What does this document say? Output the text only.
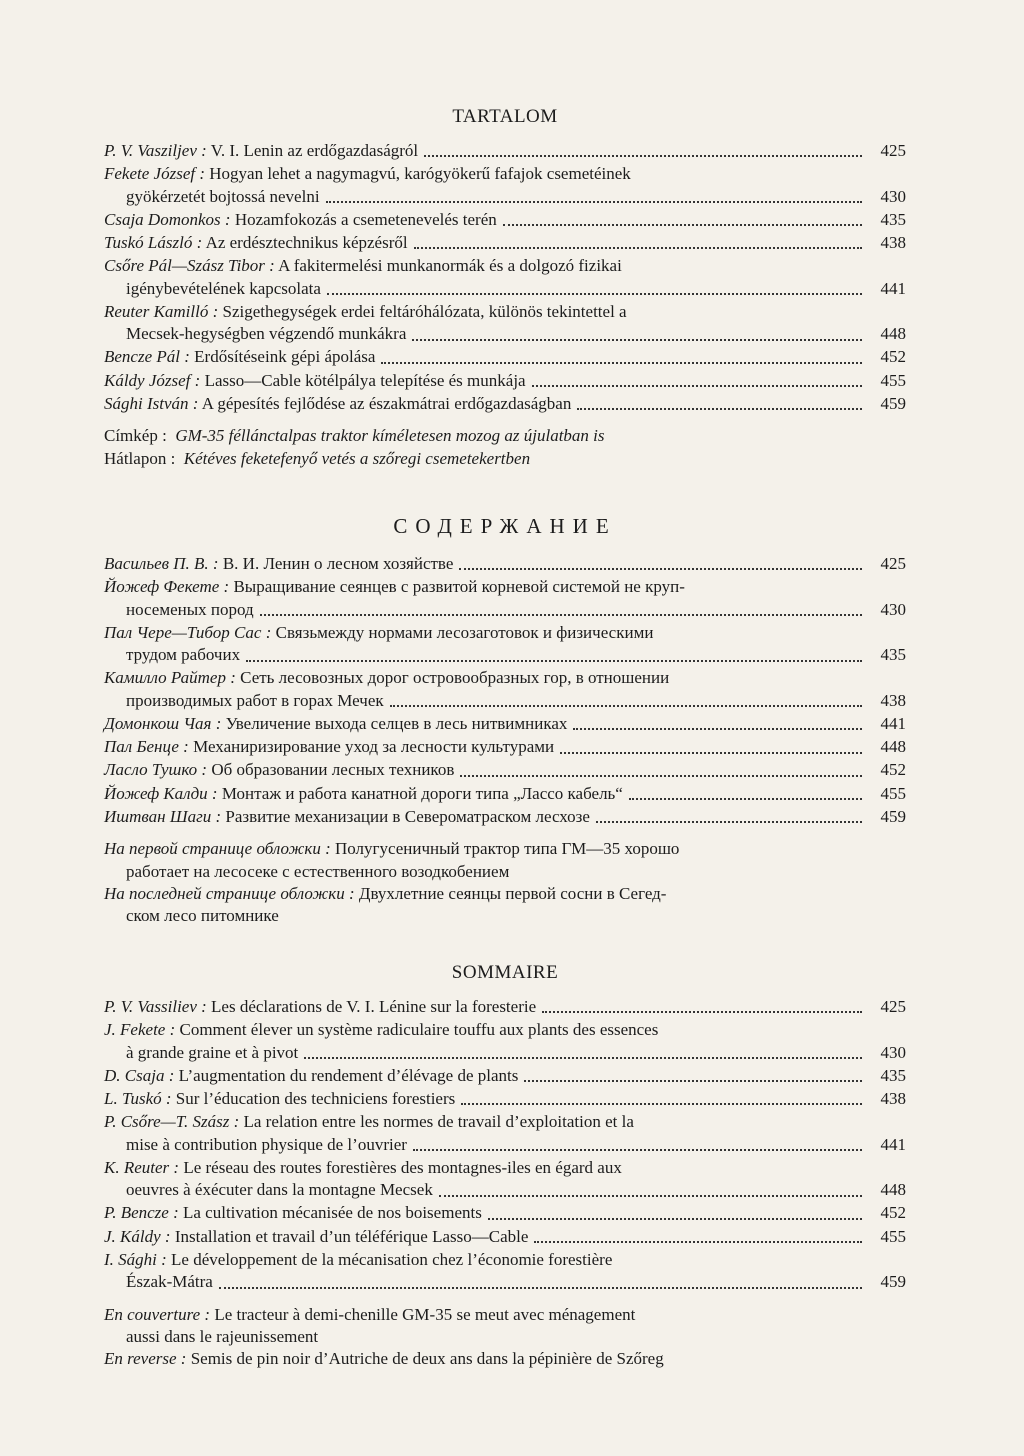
TARTALOM
P. V. Vasziljev : V. I. Lenin az erdőgazdaságról	425
Fekete József : Hogyan lehet a nagymagvú, karógyökerű fafajok csemetéinek
gyökérzetét bojtossá nevelni	430
Csaja Domonkos : Hozamfokozás a csemetenevelés terén	435
Tuskó László : Az erdésztechnikus képzésről	438
Csőre Pál—Szász Tibor : A fakitermelési munkanormák és a dolgozó fizikai
igénybevételének kapcsolata	441
Reuter Kamilló : Szigethegységek erdei feltáróhálózata, különös tekintettel a
Mecsek-hegységben végzendő munkákra	448
Bencze Pál : Erdősítéseink gépi ápolása	452
Káldy József : Lasso—Cable kötélpálya telepítése és munkája	455
Sághi István : A gépesítés fejlődése az északmátrai erdőgazdaságban	459
Címkép : GM-35 féllánctalpas traktor kíméletesen mozog az újulatban is
Hátlapon : Kétéves feketefenyő vetés a szőregi csemetekertben
СОДЕРЖАНИЕ
Васильев П. В. : В. И. Ленин о лесном хозяйстве	425
Йожеф Фекете : Выращивание сеянцев с развитой корневой системой не круп-
носеменых пород	430
Пал Чере—Тибор Сас : Связьмежду нормами лесозаготовок и физическими
трудом рабочих	435
Камилло Райтер : Сеть лесовозных дорог островообразных гор, в отношении
производимых работ в горах Мечек	438
Домонкош Чая : Увеличение выхода селцев в лесь нитвимниках	441
Пал Бенце : Механиризирование уход за лесности культурами	448
Ласло Тушко : Об образовании лесных техников	452
Йожеф Калди : Монтаж и работа канатной дороги типа „Лассо кабель“	455
Иштван Шаги : Развитие механизации в Североматраском лесхозе	459
На первой странице обложки : Полугусеничный трактор типа ГМ—35 хорошо
работает на лесосеке с естественного возодкобением
На последней странице обложки : Двухлетние сеянцы первой сосни в Сегед-
ском лесо питомнике
SOMMAIRE
P. V. Vassiliev : Les déclarations de V. I. Lénine sur la foresterie	425
J. Fekete : Comment élever un système radiculaire touffu aux plants des essences
à grande graine et à pivot	430
D. Csaja : L’augmentation du rendement d’élévage de plants	435
L. Tuskó : Sur l’éducation des techniciens forestiers	438
P. Csőre—T. Szász : La relation entre les normes de travail d’exploitation et la
mise à contribution physique de l’ouvrier	441
K. Reuter : Le réseau des routes forestières des montagnes-iles en égard aux
oeuvres à éxécuter dans la montagne Mecsek	448
P. Bencze : La cultivation mécanisée de nos boisements	452
J. Káldy : Installation et travail d’un téléférique Lasso—Cable	455
I. Sághi : Le développement de la mécanisation chez l’économie forestière
Észak-Mátra	459
En couverture : Le tracteur à demi-chenille GM-35 se meut avec ménagement
aussi dans le rajeunissement
En reverse : Semis de pin noir d’Autriche de deux ans dans la pépinière de Szőreg
